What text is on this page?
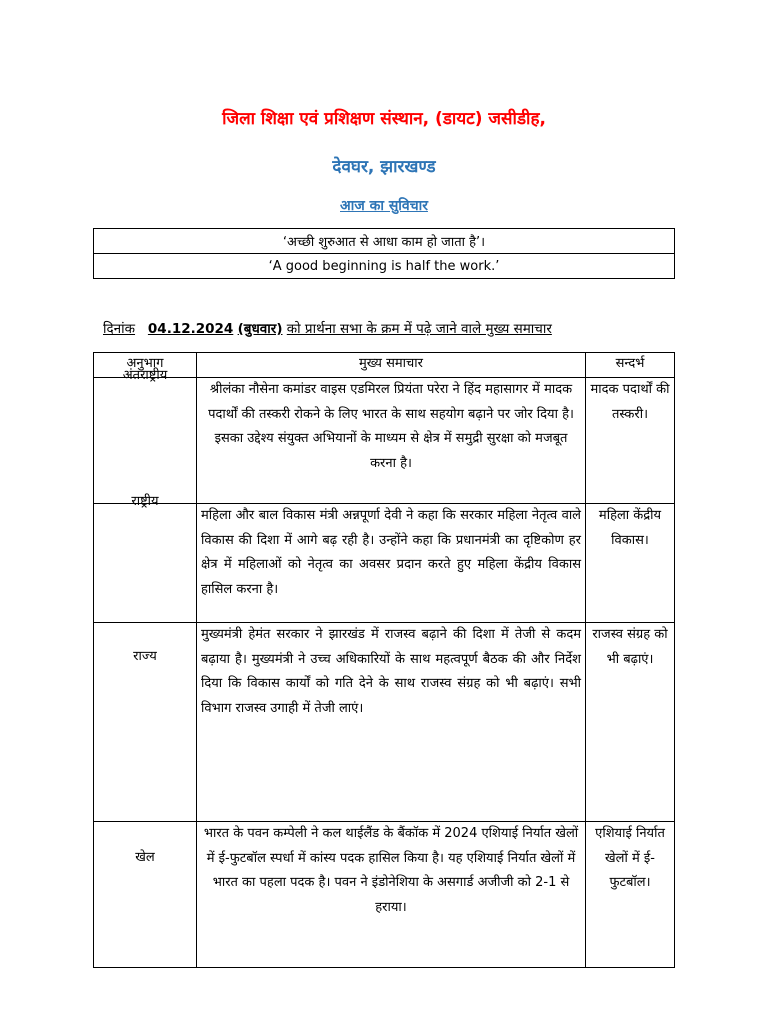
जिला शिक्षा एवं प्रशिक्षण संस्थान, (डायट) जसीडीह,
देवघर, झारखण्ड
आज का सुविचार
‘अच्छी शुरुआत से आधा काम हो जाता है’।
‘A good beginning is half the work.’
दिनांक 04.12.2024 (बुधवार) को प्रार्थना सभा के क्रम में पढ़े जाने वाले मुख्य समाचार
अनुभाग	मुख्य समाचार	सन्दर्भ
अंतराष्ट्रीय	श्रीलंका नौसेना कमांडर वाइस एडमिरल प्रियंता परेरा ने हिंद महासागर में मादक पदार्थों की तस्करी रोकने के लिए भारत के साथ सहयोग बढ़ाने पर जोर दिया है। इसका उद्देश्य संयुक्त अभियानों के माध्यम से क्षेत्र में समुद्री सुरक्षा को मजबूत करना है।	मादक पदार्थों की तस्करी।
राष्ट्रीय	महिला और बाल विकास मंत्री अन्नपूर्णा देवी ने कहा कि सरकार महिला नेतृत्व वाले विकास की दिशा में आगे बढ़ रही है। उन्होंने कहा कि प्रधानमंत्री का दृष्टिकोण हर क्षेत्र में महिलाओं को नेतृत्व का अवसर प्रदान करते हुए महिला केंद्रीय विकास हासिल करना है।	महिला केंद्रीय विकास।
राज्य	मुख्यमंत्री हेमंत सरकार ने झारखंड में राजस्व बढ़ाने की दिशा में तेजी से कदम बढ़ाया है। मुख्यमंत्री ने उच्च अधिकारियों के साथ महत्वपूर्ण बैठक की और निर्देश दिया कि विकास कार्यों को गति देने के साथ राजस्व संग्रह को भी बढ़ाएं। सभी विभाग राजस्व उगाही में तेजी लाएं।	राजस्व संग्रह को भी बढ़ाएं।
खेल	भारत के पवन कम्पेली ने कल थाईलैंड के बैंकॉक में 2024 एशियाई निर्यात खेलों में ई-फुटबॉल स्पर्धा में कांस्य पदक हासिल किया है। यह एशियाई निर्यात खेलों में भारत का पहला पदक है। पवन ने इंडोनेशिया के असगार्ड अजीजी को 2-1 से हराया।	एशियाई निर्यात खेलों में ई-फुटबॉल।
